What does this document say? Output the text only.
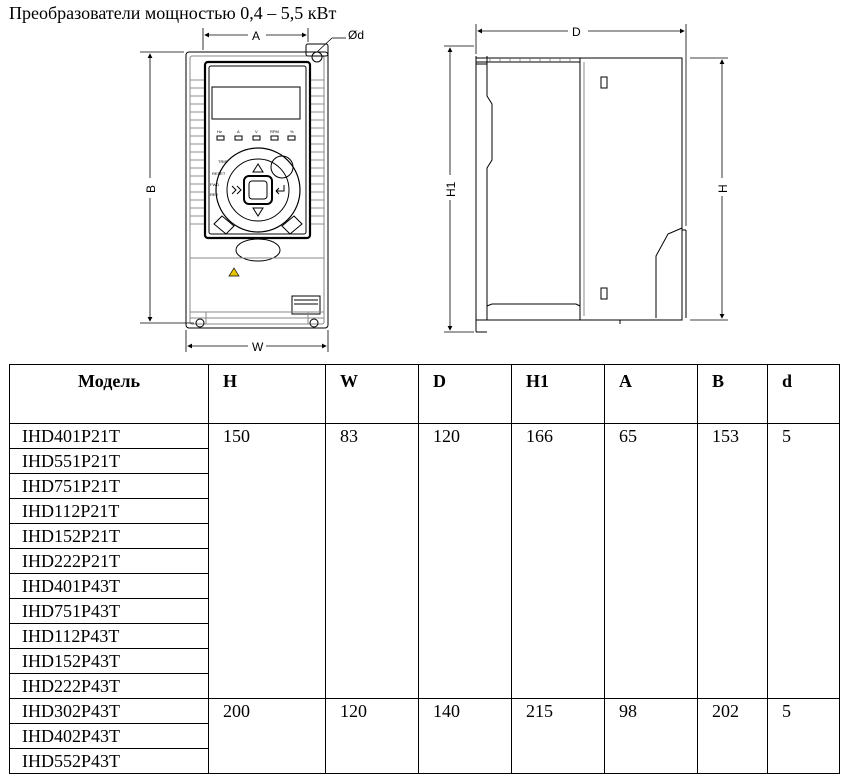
Преобразователи мощностью 0,4 – 5,5 кВт
Hz	A	V	RPM	%
TRIP
RESET
FWD
REV
A	Ød
B
W
D
H1	H
Модель	H	W	D	H1	A	B	d
IHD401P21T	150	83	120	166	65	153	5
IHD551P21T							
IHD751P21T							
IHD112P21T							
IHD152P21T							
IHD222P21T							
IHD401P43T							
IHD751P43T							
IHD112P43T							
IHD152P43T							
IHD222P43T							
IHD302P43T	200	120	140	215	98	202	5
IHD402P43T							
IHD552P43T							
